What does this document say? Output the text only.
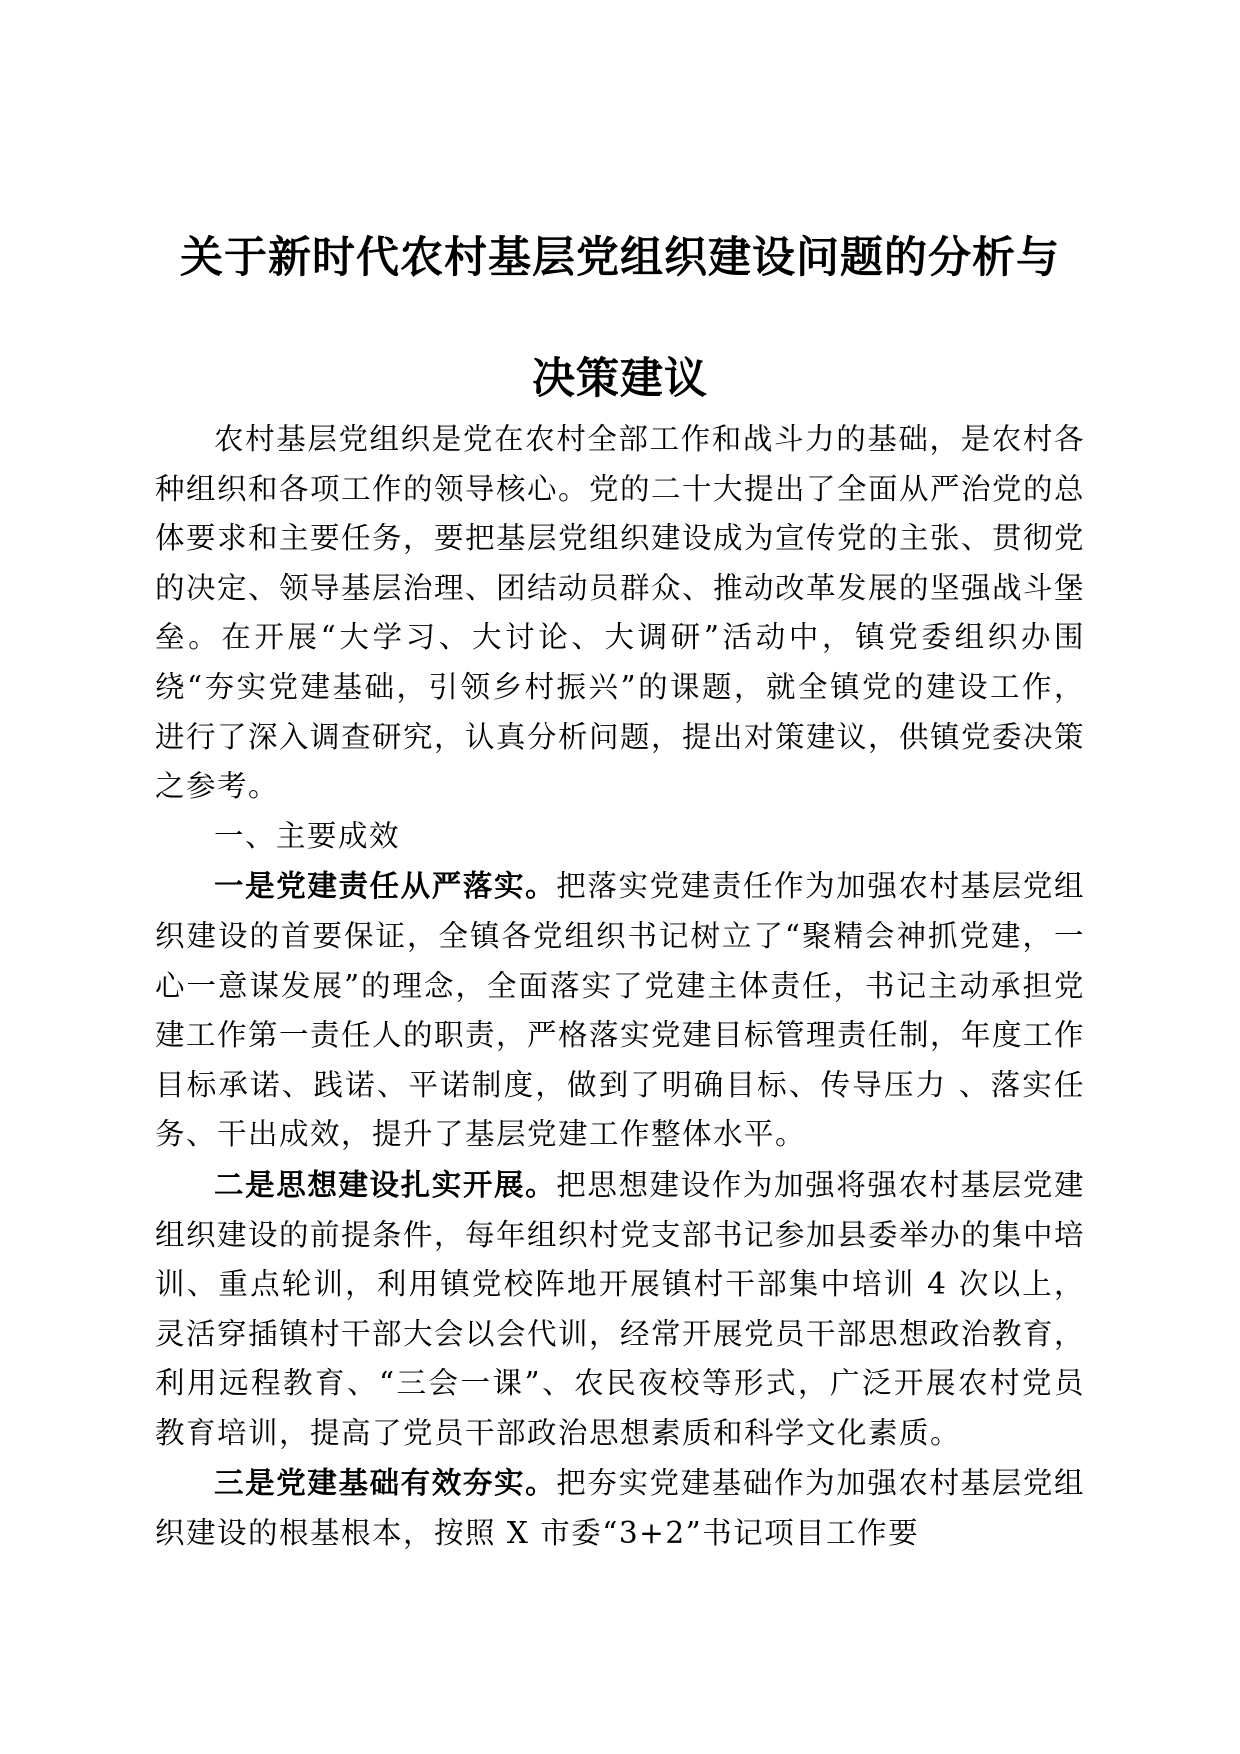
关于新时代农村基层党组织建设问题的分析与
决策建议

农村基层党组织是党在农村全部工作和战斗力的基础，是农村各种组织和各项工作的领导核心。党的二十大提出了全面从严治党的总体要求和主要任务，要把基层党组织建设成为宣传党的主张、贯彻党的决定、领导基层治理、团结动员群众、推动改革发展的坚强战斗堡垒。在开展“大学习、大讨论、大调研”活动中，镇党委组织办围绕“夯实党建基础，引领乡村振兴”的课题，就全镇党的建设工作，进行了深入调查研究，认真分析问题，提出对策建议，供镇党委决策之参考。

一、主要成效

一是党建责任从严落实。把落实党建责任作为加强农村基层党组织建设的首要保证，全镇各党组织书记树立了“聚精会神抓党建，一心一意谋发展”的理念，全面落实了党建主体责任，书记主动承担党建工作第一责任人的职责，严格落实党建目标管理责任制，年度工作目标承诺、践诺、平诺制度，做到了明确目标、传导压力 、落实任务、干出成效，提升了基层党建工作整体水平。

二是思想建设扎实开展。把思想建设作为加强将强农村基层党建组织建设的前提条件，每年组织村党支部书记参加县委举办的集中培训、重点轮训，利用镇党校阵地开展镇村干部集中培训 4 次以上，灵活穿插镇村干部大会以会代训，经常开展党员干部思想政治教育，利用远程教育、“三会一课”、农民夜校等形式，广泛开展农村党员教育培训，提高了党员干部政治思想素质和科学文化素质。

三是党建基础有效夯实。把夯实党建基础作为加强农村基层党组织建设的根基根本，按照 X 市委“3+2”书记项目工作要
